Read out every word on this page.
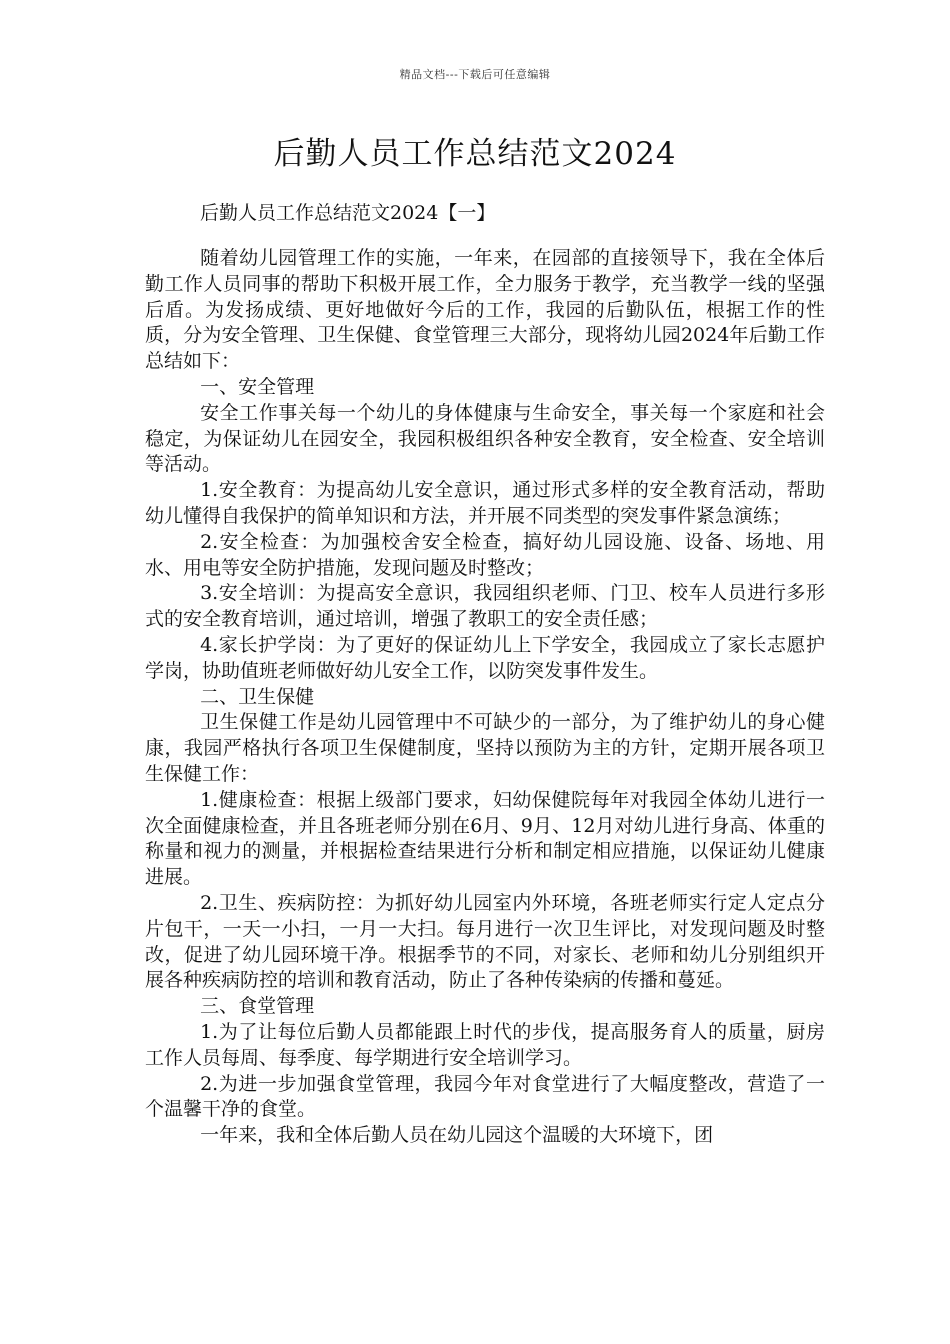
精品文档---下载后可任意编辑
后勤人员工作总结范文2024

后勤人员工作总结范文2024【一】

随着幼儿园管理工作的实施，一年来，在园部的直接领导下，我在全体后勤工作人员同事的帮助下积极开展工作，全力服务于教学，充当教学一线的坚强后盾。为发扬成绩、更好地做好今后的工作，我园的后勤队伍，根据工作的性质，分为安全管理、卫生保健、食堂管理三大部分，现将幼儿园2024年后勤工作总结如下：

一、安全管理

安全工作事关每一个幼儿的身体健康与生命安全，事关每一个家庭和社会稳定，为保证幼儿在园安全，我园积极组织各种安全教育，安全检查、安全培训等活动。

1.安全教育：为提高幼儿安全意识，通过形式多样的安全教育活动，帮助幼儿懂得自我保护的简单知识和方法，并开展不同类型的突发事件紧急演练；

2.安全检查：为加强校舍安全检查，搞好幼儿园设施、设备、场地、用水、用电等安全防护措施，发现问题及时整改；

3.安全培训：为提高安全意识，我园组织老师、门卫、校车人员进行多形式的安全教育培训，通过培训，增强了教职工的安全责任感；

4.家长护学岗：为了更好的保证幼儿上下学安全，我园成立了家长志愿护学岗，协助值班老师做好幼儿安全工作，以防突发事件发生。

二、卫生保健

卫生保健工作是幼儿园管理中不可缺少的一部分，为了维护幼儿的身心健康，我园严格执行各项卫生保健制度，坚持以预防为主的方针，定期开展各项卫生保健工作：

1.健康检查：根据上级部门要求，妇幼保健院每年对我园全体幼儿进行一次全面健康检查，并且各班老师分别在6月、9月、12月对幼儿进行身高、体重的称量和视力的测量，并根据检查结果进行分析和制定相应措施，以保证幼儿健康进展。

2.卫生、疾病防控：为抓好幼儿园室内外环境，各班老师实行定人定点分片包干，一天一小扫，一月一大扫。每月进行一次卫生评比，对发现问题及时整改，促进了幼儿园环境干净。根据季节的不同，对家长、老师和幼儿分别组织开展各种疾病防控的培训和教育活动，防止了各种传染病的传播和蔓延。

三、食堂管理

1.为了让每位后勤人员都能跟上时代的步伐，提高服务育人的质量，厨房工作人员每周、每季度、每学期进行安全培训学习。

2.为进一步加强食堂管理，我园今年对食堂进行了大幅度整改，营造了一个温馨干净的食堂。

一年来，我和全体后勤人员在幼儿园这个温暖的大环境下，团
